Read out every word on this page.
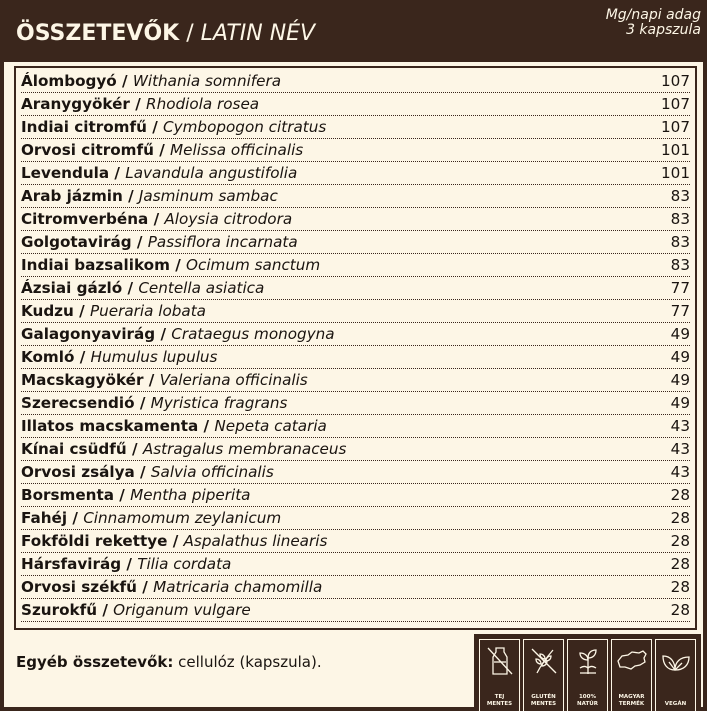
ÖSSZETEVŐK / LATIN NÉV
Mg/napi adag
3 kapszula
Álombogyó / Withania somnifera	107
Aranygyökér / Rhodiola rosea	107
Indiai citromfű / Cymbopogon citratus	107
Orvosi citromfű / Melissa officinalis	101
Levendula / Lavandula angustifolia	101
Arab jázmin / Jasminum sambac	83
Citromverbéna / Aloysia citrodora	83
Golgotavirág / Passiflora incarnata	83
Indiai bazsalikom / Ocimum sanctum	83
Ázsiai gázló / Centella asiatica	77
Kudzu / Pueraria lobata	77
Galagonyavirág / Crataegus monogyna	49
Komló / Humulus lupulus	49
Macskagyökér / Valeriana officinalis	49
Szerecsendió / Myristica fragrans	49
Illatos macskamenta / Nepeta cataria	43
Kínai csüdfű / Astragalus membranaceus	43
Orvosi zsálya / Salvia officinalis	43
Borsmenta / Mentha piperita	28
Fahéj / Cinnamomum zeylanicum	28
Fokföldi rekettye / Aspalathus linearis	28
Hársfavirág / Tilia cordata	28
Orvosi székfű / Matricaria chamomilla	28
Szurokfű / Origanum vulgare	28
Egyéb összetevők: cellulóz (kapszula).
TEJ
MENTES
GLUTÉN
MENTES
100%
NATÚR
MAGYAR
TERMÉK	VEGÁN
